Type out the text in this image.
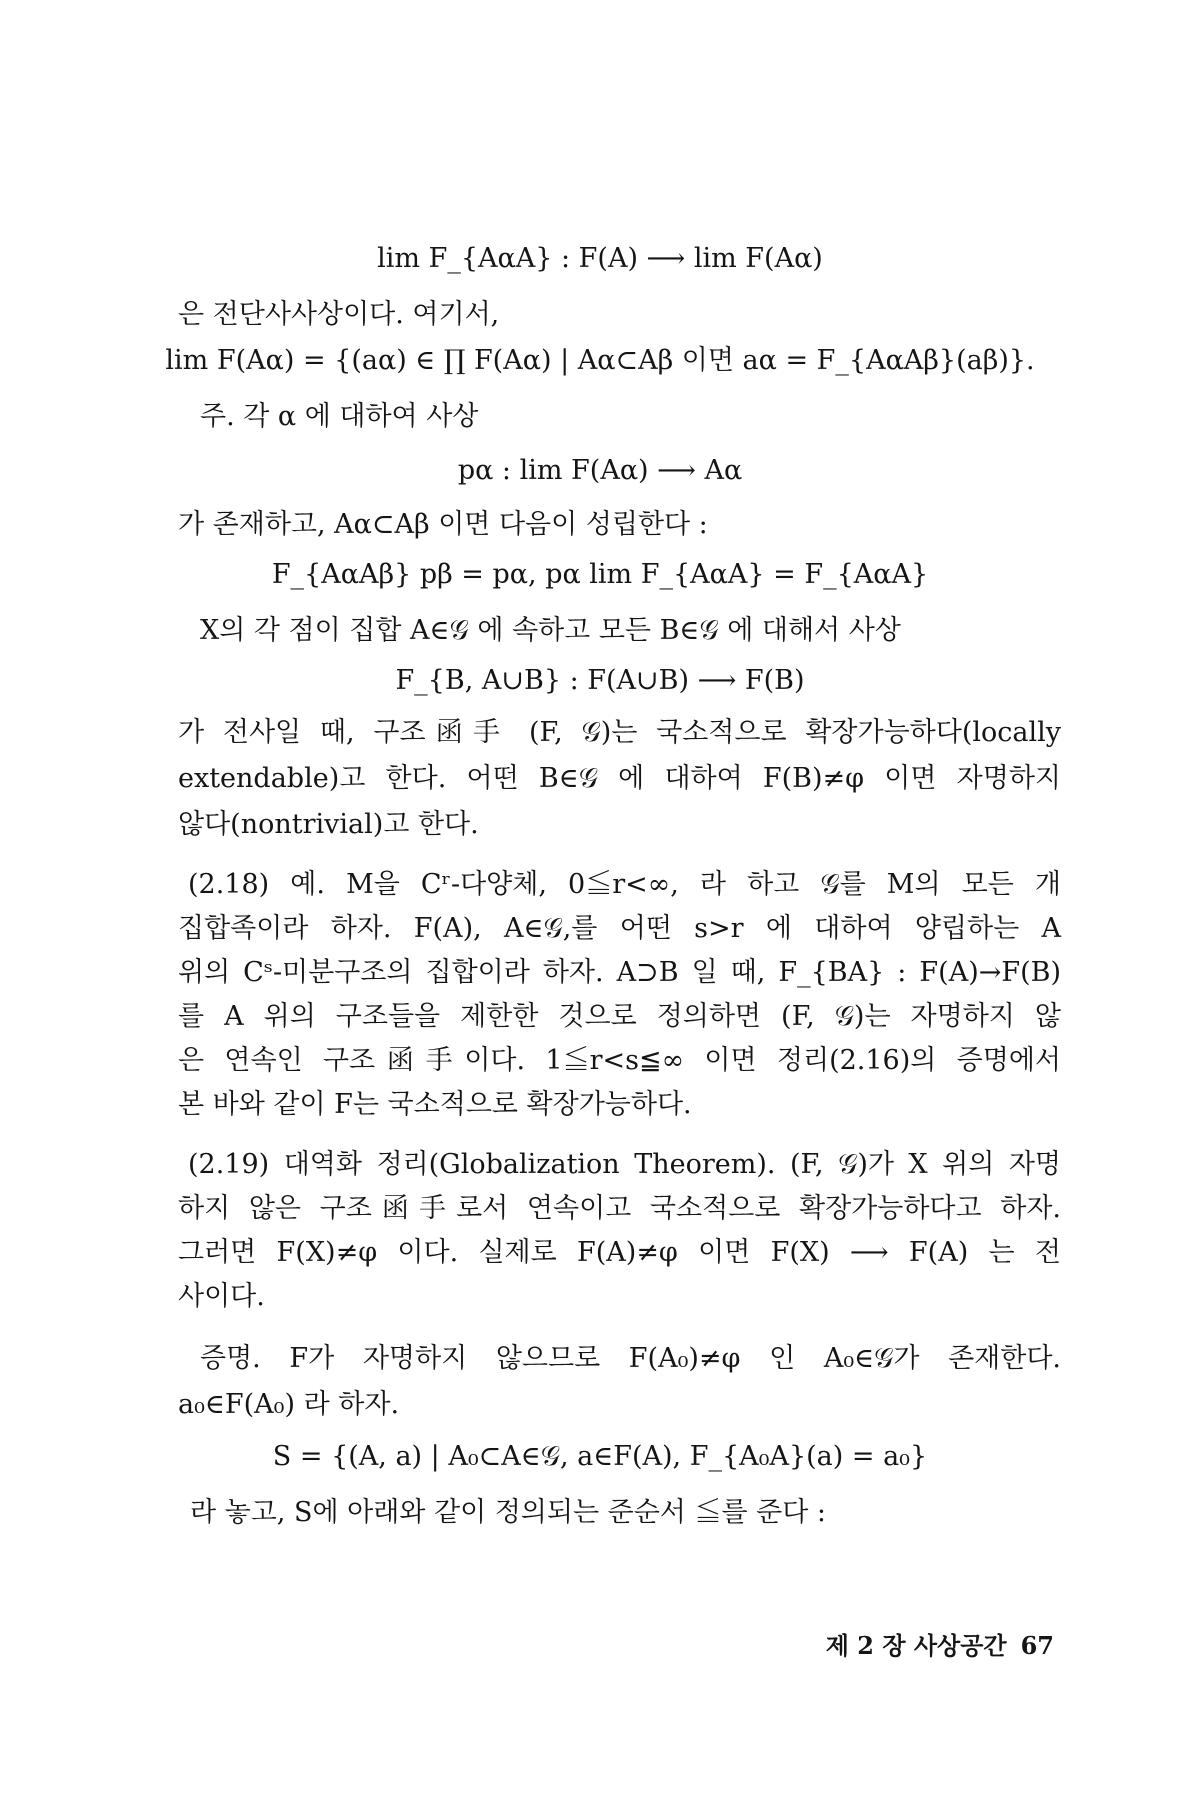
lim F_{AαA} : F(A) ⟶ lim F(Aα)
은 전단사사상이다. 여기서,
lim F(Aα) = {(aα) ∈ ∏ F(Aα) | Aα⊂Aβ 이면 aα = F_{AαAβ}(aβ)}.
주. 각 α 에 대하여 사상
pα : lim F(Aα) ⟶ Aα
가 존재하고, Aα⊂Aβ 이면 다음이 성립한다 :
F_{AαAβ} pβ = pα, pα lim F_{AαA} = F_{AαA}
X의 각 점이 집합 A∈𝒢 에 속하고 모든 B∈𝒢 에 대해서 사상
F_{B, A∪B} : F(A∪B) ⟶ F(B)
가 전사일 때, 구조函手 (F, 𝒢)는 국소적으로 확장가능하다(locally
extendable)고 한다. 어떤 B∈𝒢 에 대하여 F(B)≠φ 이면 자명하지
않다(nontrivial)고 한다.
(2.18) 예. M을 Cʳ-다양체, 0≦r<∞, 라 하고 𝒢를 M의 모든 개
집합족이라 하자. F(A), A∈𝒢,를 어떤 s>r 에 대하여 양립하는 A
위의 Cˢ-미분구조의 집합이라 하자. A⊃B 일 때, F_{BA} : F(A)→F(B)
를 A 위의 구조들을 제한한 것으로 정의하면 (F, 𝒢)는 자명하지 않
은 연속인 구조函手이다. 1≦r<s≦∞ 이면 정리(2.16)의 증명에서
본 바와 같이 F는 국소적으로 확장가능하다.
(2.19) 대역화 정리(Globalization Theorem). (F, 𝒢)가 X 위의 자명
하지 않은 구조函手로서 연속이고 국소적으로 확장가능하다고 하자.
그러면 F(X)≠φ 이다. 실제로 F(A)≠φ 이면 F(X) ⟶ F(A) 는 전
사이다.
증명. F가 자명하지 않으므로 F(A₀)≠φ 인 A₀∈𝒢가 존재한다.
a₀∈F(A₀) 라 하자.
S = {(A, a) | A₀⊂A∈𝒢, a∈F(A), F_{A₀A}(a) = a₀}
라 놓고, S에 아래와 같이 정의되는 준순서 ≦를 준다 :
제 2 장 사상공간 67
